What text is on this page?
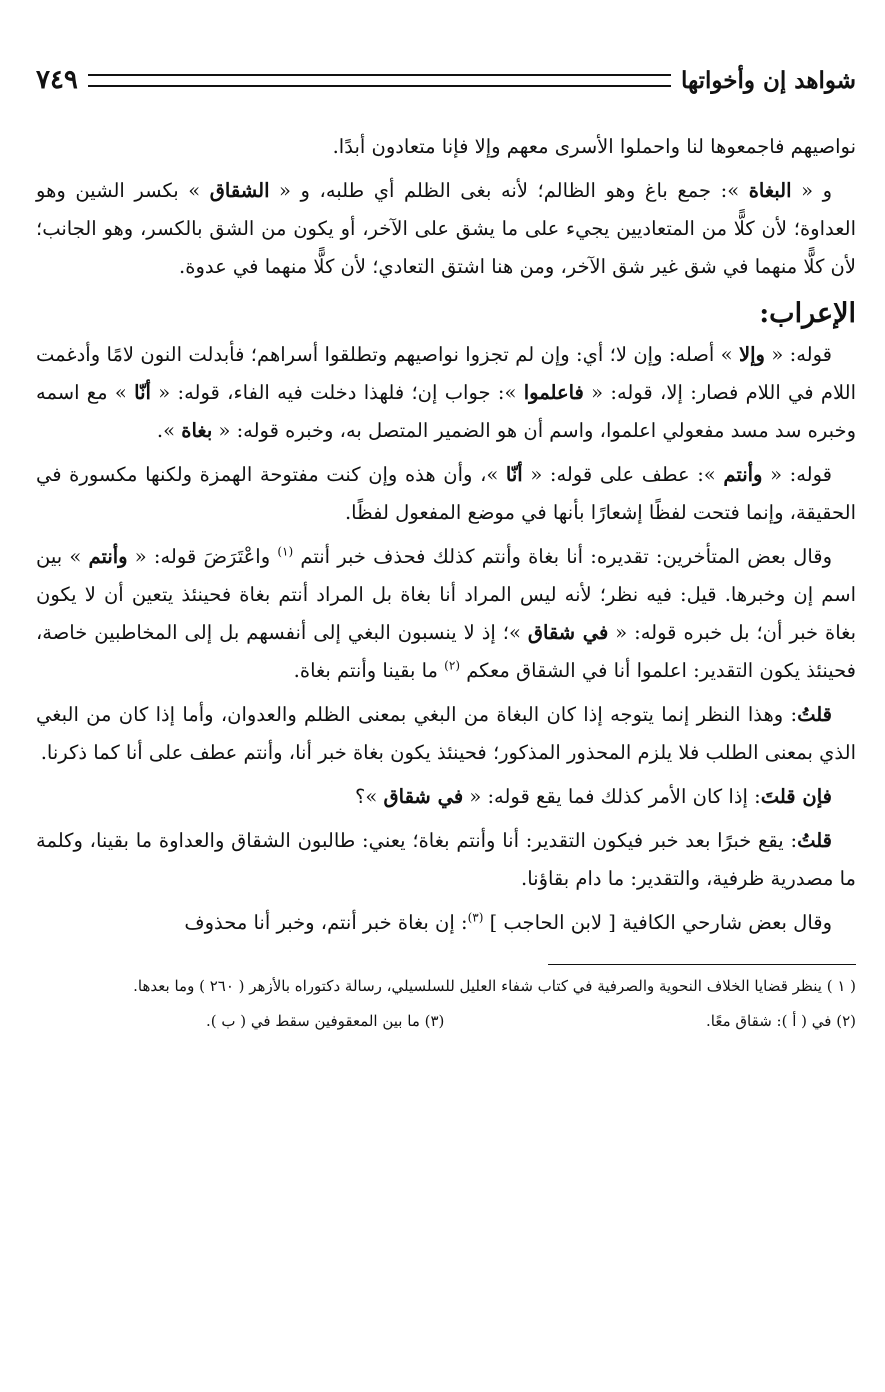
شواهد إن وأخواتها
٧٤٩

نواصيهم فاجمعوها لنا واحملوا الأسرى معهم وإلا فإنا متعادون أبدًا.

و « البغاة »: جمع باغ وهو الظالم؛ لأنه بغى الظلم أي طلبه، و « الشقاق » بكسر الشين وهو العداوة؛ لأن كلًّا من المتعاديين يجيء على ما يشق على الآخر، أو يكون من الشق بالكسر، وهو الجانب؛ لأن كلًّا منهما في شق غير شق الآخر، ومن هنا اشتق التعادي؛ لأن كلًّا منهما في عدوة.

الإعراب:

قوله: « وإلا » أصله: وإن لا؛ أي: وإن لم تجزوا نواصيهم وتطلقوا أسراهم؛ فأبدلت النون لامًا وأدغمت اللام في اللام فصار: إلا، قوله: « فاعلموا »: جواب إن؛ فلهذا دخلت فيه الفاء، قوله: « أنّا » مع اسمه وخبره سد مسد مفعولي اعلموا، واسم أن هو الضمير المتصل به، وخبره قوله: « بغاة ».

قوله: « وأنتم »: عطف على قوله: « أنّا »، وأن هذه وإن كنت مفتوحة الهمزة ولكنها مكسورة في الحقيقة، وإنما فتحت لفظًا إشعارًا بأنها في موضع المفعول لفظًا.

وقال بعض المتأخرين: تقديره: أنا بغاة وأنتم كذلك فحذف خبر أنتم $^{(١)}$ واعْتَرَضَ قوله: « وأنتم » بين اسم إن وخبرها. قيل: فيه نظر؛ لأنه ليس المراد أنا بغاة بل المراد أنتم بغاة فحينئذ يتعين أن لا يكون بغاة خبر أن؛ بل خبره قوله: « في شقاق »؛ إذ لا ينسبون البغي إلى أنفسهم بل إلى المخاطبين خاصة، فحينئذ يكون التقدير: اعلموا أنا في الشقاق معكم $^{(٢)}$ ما بقينا وأنتم بغاة.

قلتُ: وهذا النظر إنما يتوجه إذا كان البغاة من البغي بمعنى الظلم والعدوان، وأما إذا كان من البغي الذي بمعنى الطلب فلا يلزم المحذور المذكور؛ فحينئذ يكون بغاة خبر أنا، وأنتم عطف على أنا كما ذكرنا.

فإن قلتَ: إذا كان الأمر كذلك فما يقع قوله: « في شقاق »؟

قلتُ: يقع خبرًا بعد خبر فيكون التقدير: أنا وأنتم بغاة؛ يعني: طالبون الشقاق والعداوة ما بقينا، وكلمة ما مصدرية ظرفية، والتقدير: ما دام بقاؤنا.

وقال بعض شارحي الكافية [ لابن الحاجب ] $^{(٣)}$: إن بغاة خبر أنتم، وخبر أنا محذوف

( ١ ) ينظر قضايا الخلاف النحوية والصرفية في كتاب شفاء العليل للسلسيلي، رسالة دكتوراه بالأزهر ( ٢٦٠ ) وما بعدها.

(٢) في ( أ ): شقاق معًا.
(٣) ما بين المعقوفين سقط في ( ب ).
